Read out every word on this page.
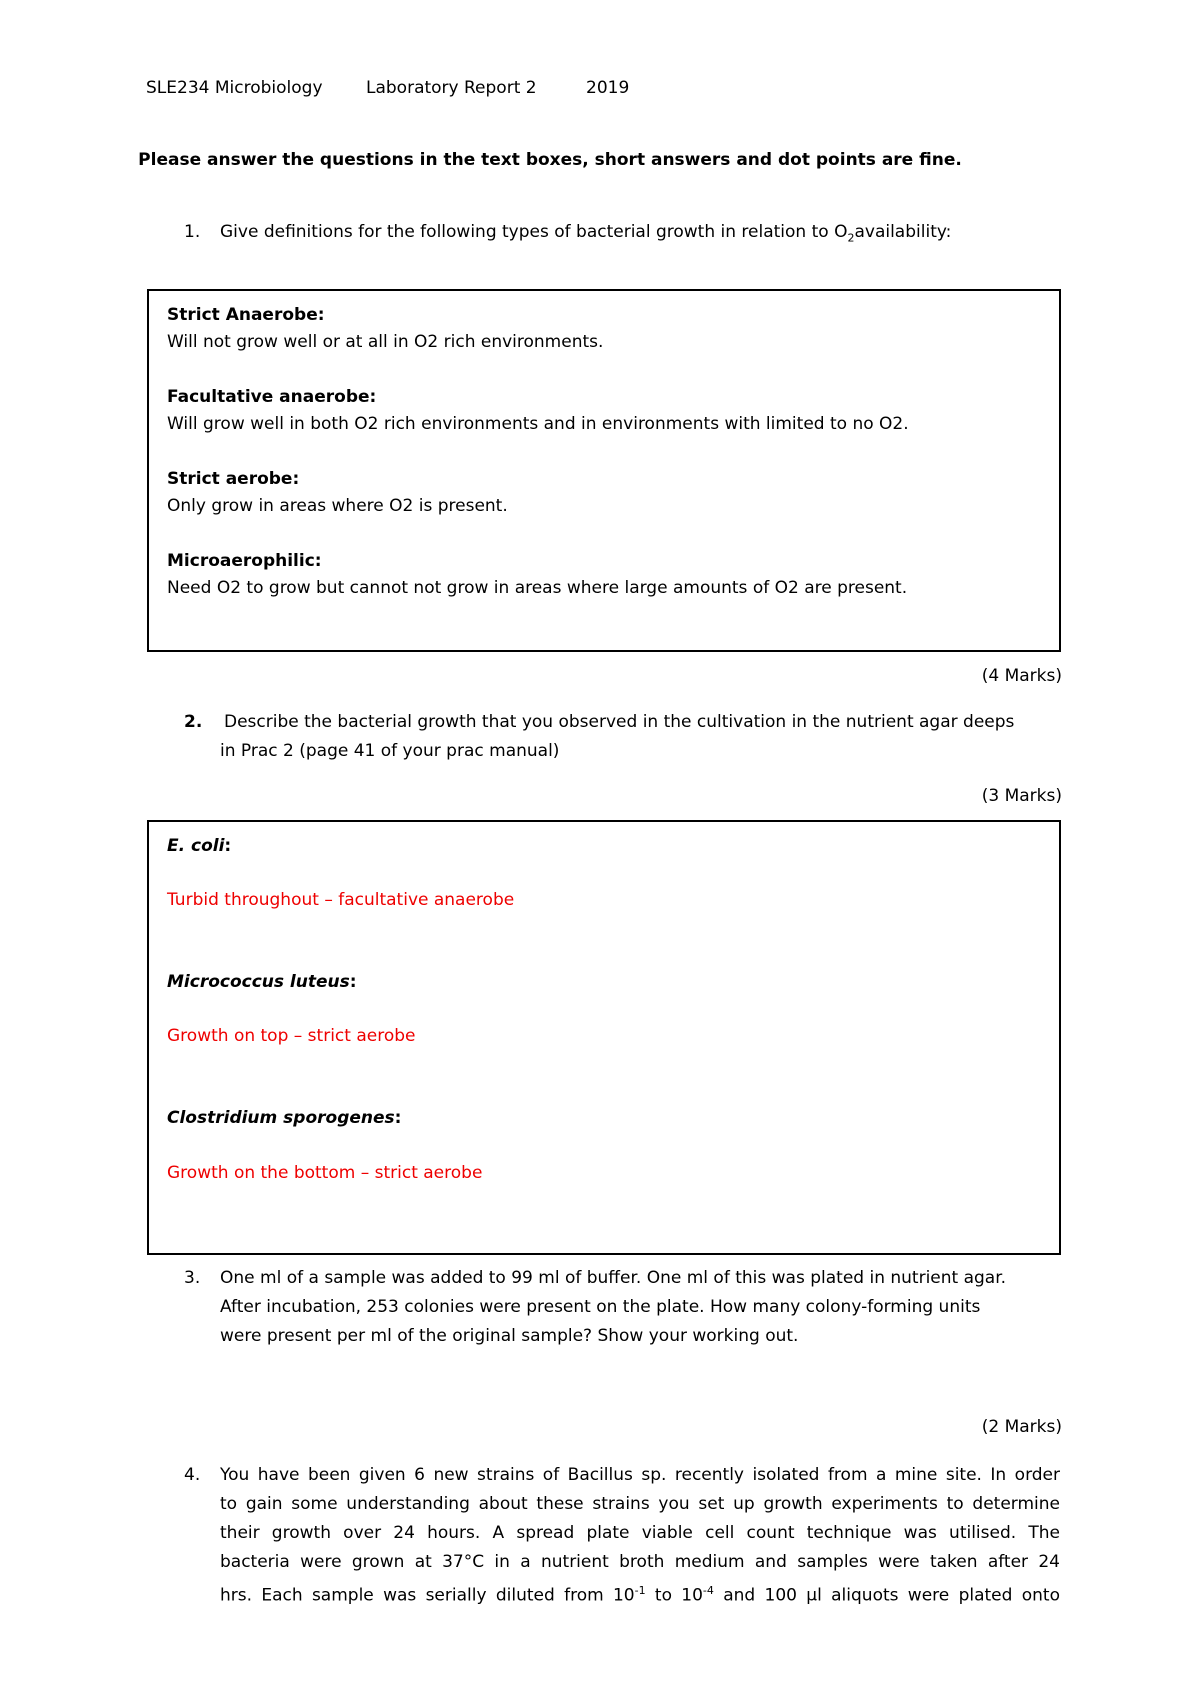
SLE234 Microbiology	Laboratory Report 2	2019
Please answer the questions in the text boxes, short answers and dot points are fine.
1. Give definitions for the following types of bacterial growth in relation to $O_2availability$:
Strict Anaerobe:
Will not grow well or at all in O2 rich environments.
Facultative anaerobe:
Will grow well in both O2 rich environments and in environments with limited to no O2.
Strict aerobe:
Only grow in areas where O2 is present.
Microaerophilic:
Need O2 to grow but cannot not grow in areas where large amounts of O2 are present.
(4 Marks)
2. Describe the bacterial growth that you observed in the cultivation in the nutrient agar deeps
in Prac 2 (page 41 of your prac manual)
(3 Marks)
E. coli:
Turbid throughout – facultative anaerobe
Micrococcus luteus:
Growth on top – strict aerobe
Clostridium sporogenes:
Growth on the bottom – strict aerobe
3. One ml of a sample was added to 99 ml of buffer. One ml of this was plated in nutrient agar.
After incubation, 253 colonies were present on the plate. How many colony-forming units
were present per ml of the original sample? Show your working out.
(2 Marks)
4. You have been given 6 new strains of Bacillus sp. recently isolated from a mine site. In order
to gain some understanding about these strains you set up growth experiments to determine
their growth over 24 hours. A spread plate viable cell count technique was utilised. The
bacteria were grown at 37°C in a nutrient broth medium and samples were taken after 24
hrs. Each sample was serially diluted from $10^{-1}$ to $10^{-4}$ and 100 µl aliquots were plated onto
